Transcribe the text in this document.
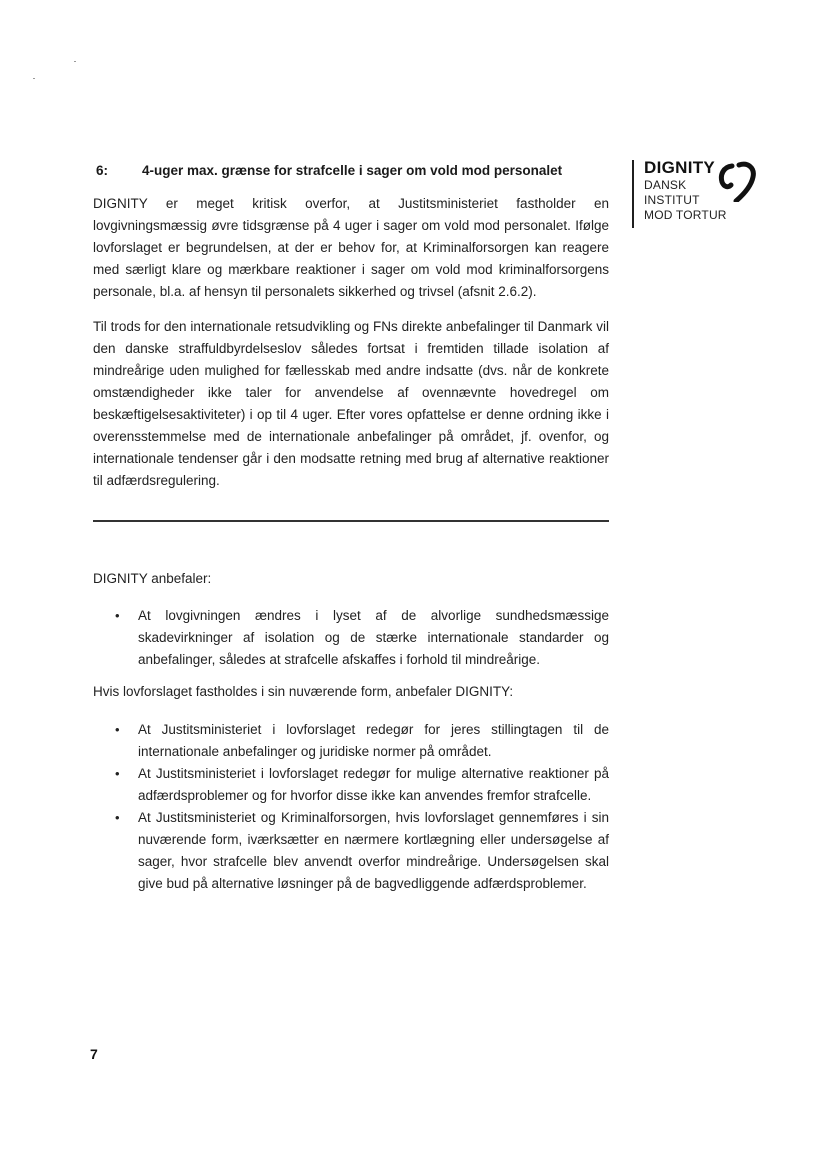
DIGNITY
DANSK
INSTITUT
MOD TORTUR
6:	4-uger max. grænse for strafcelle i sager om vold mod personalet

DIGNITY er meget kritisk overfor, at Justitsministeriet fastholder en lovgivningsmæssig øvre tidsgrænse på 4 uger i sager om vold mod personalet. Ifølge lovforslaget er begrundelsen, at der er behov for, at Kriminalforsorgen kan reagere med særligt klare og mærkbare reaktioner i sager om vold mod kriminalforsorgens personale, bl.a. af hensyn til personalets sikkerhed og trivsel (afsnit 2.6.2).

Til trods for den internationale retsudvikling og FNs direkte anbefalinger til Danmark vil den danske straffuldbyrdelseslov således fortsat i fremtiden tillade isolation af mindreårige uden mulighed for fællesskab med andre indsatte (dvs. når de konkrete omstændigheder ikke taler for anvendelse af ovennævnte hovedregel om beskæftigelsesaktiviteter) i op til 4 uger. Efter vores opfattelse er denne ordning ikke i overensstemmelse med de internationale anbefalinger på området, jf. ovenfor, og internationale tendenser går i den modsatte retning med brug af alternative reaktioner til adfærdsregulering.

DIGNITY anbefaler:
• At lovgivningen ændres i lyset af de alvorlige sundhedsmæssige skadevirkninger af isolation og de stærke internationale standarder og anbefalinger, således at strafcelle afskaffes i forhold til mindreårige.
Hvis lovforslaget fastholdes i sin nuværende form, anbefaler DIGNITY:
• At Justitsministeriet i lovforslaget redegør for jeres stillingtagen til de internationale anbefalinger og juridiske normer på området.
• At Justitsministeriet i lovforslaget redegør for mulige alternative reaktioner på adfærdsproblemer og for hvorfor disse ikke kan anvendes fremfor strafcelle.
• At Justitsministeriet og Kriminalforsorgen, hvis lovforslaget gennemføres i sin nuværende form, iværksætter en nærmere kortlægning eller undersøgelse af sager, hvor strafcelle blev anvendt overfor mindreårige. Undersøgelsen skal give bud på alternative løsninger på de bagvedliggende adfærdsproblemer.
7
